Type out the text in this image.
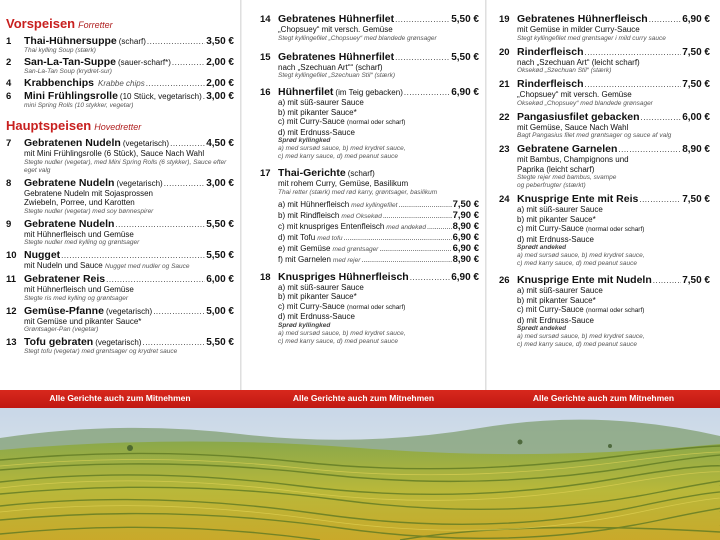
Vorspeisen Forretter
1	Thai-Hühnersuppe (scharf) .....	3,50 €
Thai kylling Soup (stærk)
2	San-La-Tan-Suppe (sauer-scharf*) .....	2,00 €
San-La-Tan Soup (krydret-sur)
4	Krabbenchips Krabbe chips .....	2,00 €
6	Mini Frühlingsrolle (10 Stück, vegetarisch) ..... 3,00 €
mini Spring Rolls (10 stykker, vegetar)
Hauptspeisen Hovedretter
7	Gebratenen Nudeln (vegetarisch) .....	4,50 €
mit Mini Frühlingsrolle (6 Stück), Sauce Nach Wahl
Stegte nudler (vegetar), med Mini Spring Rolls (6 stykker), Sauce efter eget valg
8	Gebratene Nudeln (vegetarisch) .....	3,00 €
Gebratene Nudeln mit Sojasprossen
Zwiebeln, Porree, und Karotten
Stegte nudler (vegetar) med soy bønnespirer
9	Gebratene Nudeln .....	5,50 €
mit Hühnerfleisch und Gemüse
Stegte nudler med kylling og grøntsager
10 Nugget .....	5,50 €
mit Nudeln und Sauce Nugget med nudler og Sauce
11 Gebratener Reis .....	6,00 €
mit Hühnerfleisch und Gemüse
Stegte ris med kylling og grøntsager
12 Gemüse-Pfanne (vegetarisch) .....	5,00 €
mit Gemüse und pikanter Sauce*
Grøntsager-Pan (vegetar)
13 Tofu gebraten (vegetarisch) .....	5,50 €
Stegt tofu (vegetar) med grøntsager og krydret sauce
14 Gebratenes Hühnerfilet .....	5,50 €
„Chopsuey“ mit versch. Gemüse
Stegt kyllingefilet „Chopsuey“ med blandede grønsager
15 Gebratenes Hühnerfilet .....	5,50 €
nach „Szechuan Art““ (scharf)
Stegt kyllingefilet „Szechuan Stil“ (stærk)
16 Hühnerfilet (im Teig gebacken) .....	6,90 €
a) mit süß-saurer Sauce
b) mit pikanter Sauce*
c) mit Curry-Sauce (normal oder scharf)
d) mit Erdnuss-Sauce
Sprød kyllingked
a) med sursød sauce, b) med krydret sauce,
c) med karry sauce, d) med peanut sauce
17 Thai-Gerichte (scharf)
mit rohem Curry, Gemüse, Basilikum
Thai retter (stærk) med rød karry, grøntsager, basilikum
a) mit Hühnerfleisch med kyllingefilet .....	7,50 €
b) mit Rindfleisch med Oksekød .....	7,90 €
c) mit knuspriges Entenfleisch med andekød .....	8,90 €
d) mit Tofu med tofu .....	6,90 €
e) mit Gemüse med grøntsager .....	6,90 €
f) mit Garnelen med rejer .....	8,90 €
18 Knuspriges Hühnerfleisch .....	6,90 €
a) mit süß-saurer Sauce
b) mit pikanter Sauce*
c) mit Curry-Sauce (normal oder scharf)
d) mit Erdnuss-Sauce
Sprød kyllingked
a) med sursød sauce, b) med krydret sauce,
c) med karry sauce, d) med peanut sauce
19 Gebratenes Hühnerfleisch .....	6,90 €
mit Gemüse in milder Curry-Sauce
Stegt kyllingefilet med grøntsager i mild curry sauce
20 Rinderfleisch .....	7,50 €
nach „Szechuan Art“ (leicht scharf)
Oksekød „Szechuan Stil“ (stærk)
21 Rinderfleisch .....	7,50 €
„Chopsuey“ mit versch. Gemüse
Oksekød „Chopsuey“ med blandede grønsager
22 Pangasiusfilet gebacken .....	6,00 €
mit Gemüse, Sauce Nach Wahl
Bagt Pangasius filet med grøntsager og sauce af valg
23 Gebratene Garnelen .....	8,90 €
mit Bambus, Champignons und
Paprika (leicht scharf)
Stegte rejer med bambus, svampe
og peberfrugter (stærkt)
24 Knusprige Ente mit Reis .....	7,50 €
a) mit süß-saurer Sauce
b) mit pikanter Sauce*
c) mit Curry-Sauce (normal oder scharf)
d) mit Erdnuss-Sauce
Sprødt andeked
a) med sursød sauce, b) med krydret sauce,
c) med karry sauce, d) med peanut sauce
26 Knusprige Ente mit Nudeln .....	7,50 €
a) mit süß-saurer Sauce
b) mit pikanter Sauce*
c) mit Curry-Sauce (normal oder scharf)
d) mit Erdnuss-Sauce
Sprødt andeked
a) med sursød sauce, b) med krydret sauce,
c) med karry sauce, d) med peanut sauce
Alle Gerichte auch zum Mitnehmen	Alle Gerichte auch zum Mitnehmen	Alle Gerichte auch zum Mitnehmen
